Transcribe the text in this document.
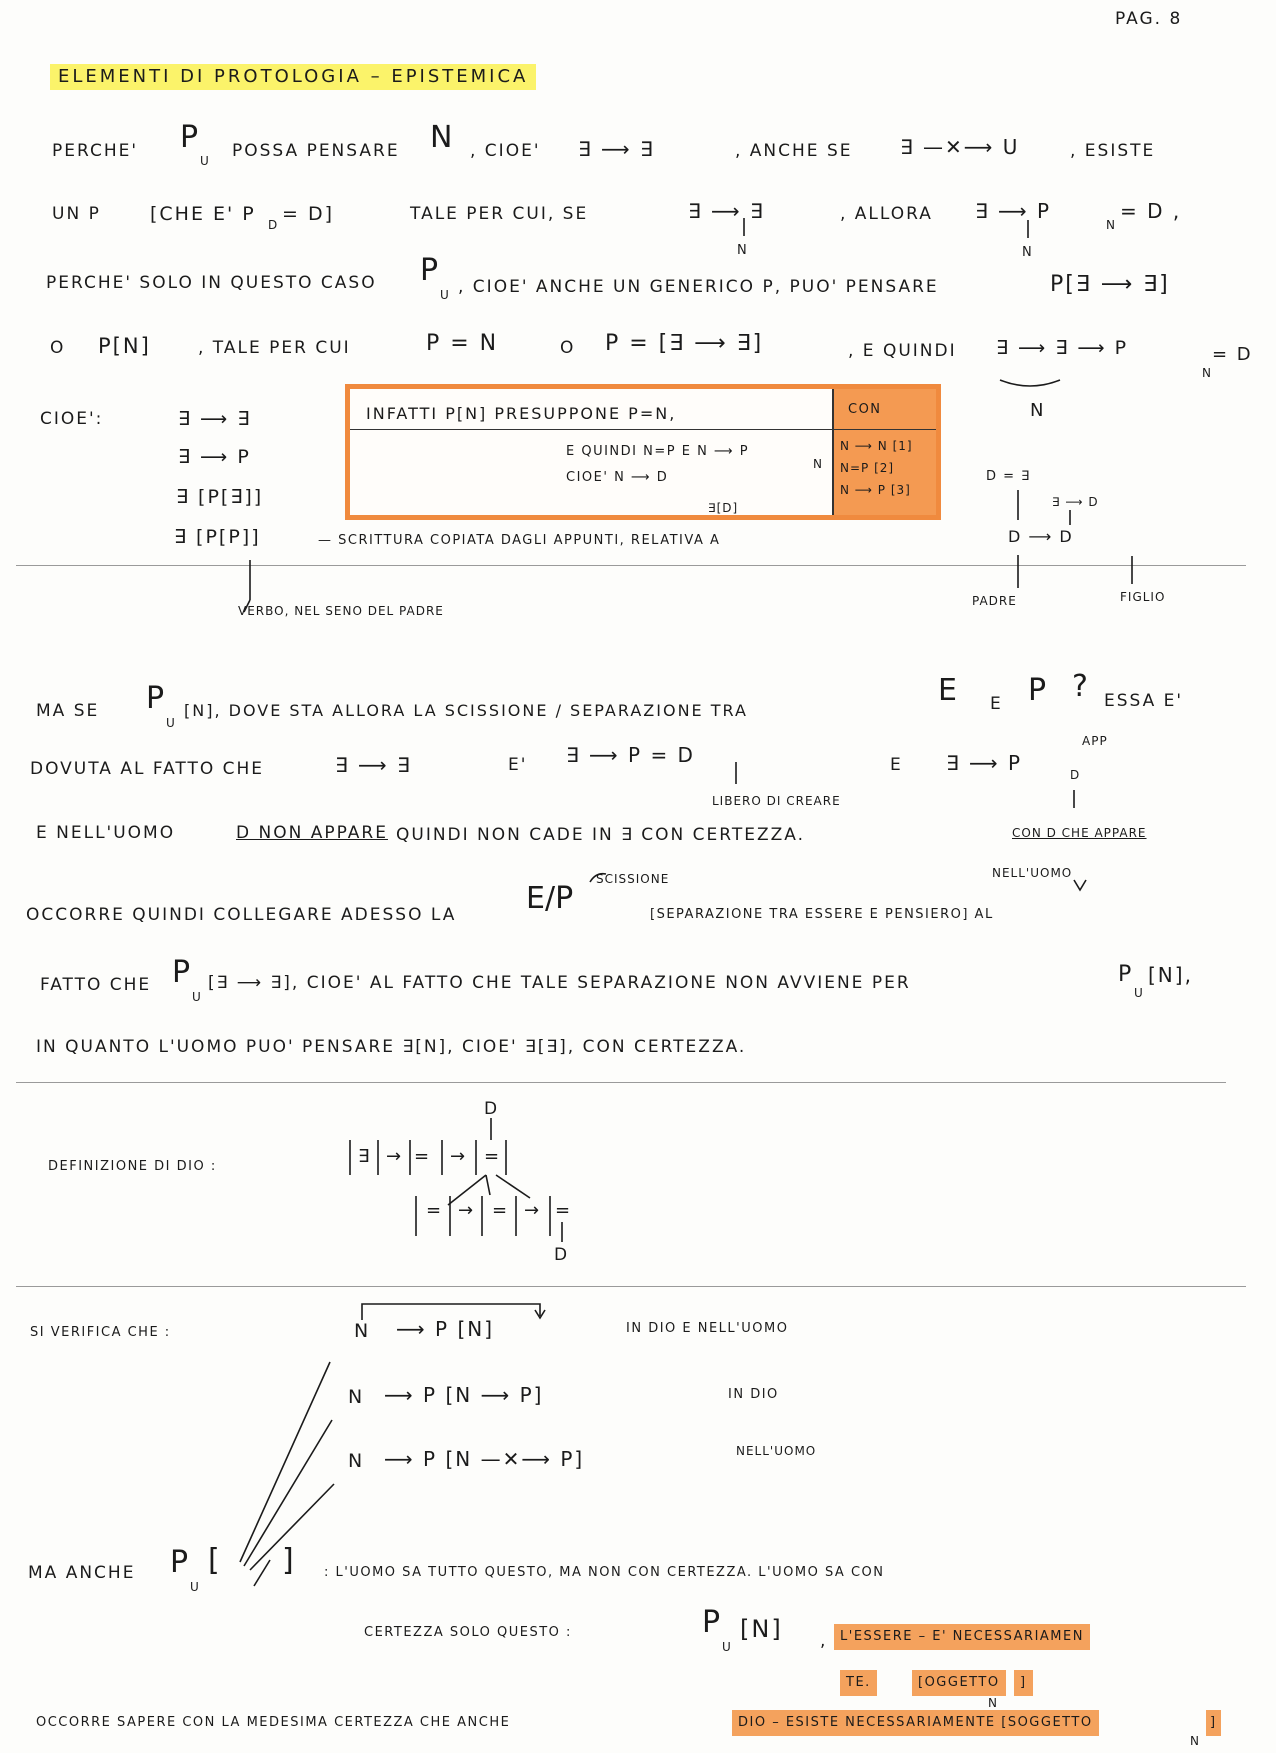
PAG. 8
ELEMENTI DI PROTOLOGIA – EPISTEMICA
PERCHE' P
U POSSA PENSARE N , CIOE' ∃ ⟶ ∃	, ANCHE SE ∃ —✕⟶ U	, ESISTE
UN P	[CHE E' P D = D]	TALE PER CUI, SE	∃ ⟶ ∃
N
, ALLORA ∃ ⟶ P
N
= D ,
N
PERCHE' SOLO IN QUESTO CASO P
U , CIOE' ANCHE UN GENERICO P, PUO' PENSARE	P[∃ ⟶ ∃]
O P[N]	, TALE PER CUI	P = N	O P = [∃ ⟶ ∃]	, E QUINDI ∃ ⟶ ∃ ⟶ P
N
= D
N
CIOE':	∃ ⟶ ∃
∃ ⟶ P
∃ [P[∃]]
∃ [P[P]]	— SCRITTURA COPIATA DAGLI APPUNTI, RELATIVA A
VERBO, NEL SENO DEL PADRE
INFATTI P[N] PRESUPPONE P=N,
E QUINDI N=P E N ⟶ P
N
CIOE' N ⟶ D
∃[D]
CON
N ⟶ N [1]
N=P [2]
N ⟶ P [3]
D = ∃
∃ ⟶ D
D ⟶ D
PADRE	FIGLIO
MA SE P
U
[N], DOVE STA ALLORA LA SCISSIONE / SEPARAZIONE TRA
E E P ? ESSA E'
DOVUTA AL FATTO CHE	∃ ⟶ ∃	E' ∃ ⟶ P = D	E ∃ ⟶ P
APP
D
LIBERO DI CREARE
E NELL'UOMO	D NON APPARE QUINDI NON CADE IN ∃ CON CERTEZZA.	CON D CHE APPARE
SCISSIONE	NELL'UOMO
OCCORRE QUINDI COLLEGARE ADESSO LA E/P	[SEPARAZIONE TRA ESSERE E PENSIERO] AL
FATTO CHE P
U
[∃ ⟶ ∃], CIOE' AL FATTO CHE TALE SEPARAZIONE NON AVVIENE PER	P
U
[N],
IN QUANTO L'UOMO PUO' PENSARE ∃[N], CIOE' ∃[∃], CON CERTEZZA.
DEFINIZIONE DI DIO :
D
D
∃ → = → =
= → = → =
SI VERIFICA CHE :	N ⟶ P [N]	IN DIO E NELL'UOMO
N ⟶ P [N ⟶ P]	IN DIO
N ⟶ P [N —✕⟶ P]	NELL'UOMO
MA ANCHE P
U
[ ] : L'UOMO SA TUTTO QUESTO, MA NON CON CERTEZZA. L'UOMO SA CON
CERTEZZA SOLO QUESTO :	P
U
[N] , L'ESSERE – E' NECESSARIAMEN
TE.	[OGGETTO
N
]
OCCORRE SAPERE CON LA MEDESIMA CERTEZZA CHE ANCHE	DIO – ESISTE NECESSARIAMENTE [SOGGETTO
N
]
